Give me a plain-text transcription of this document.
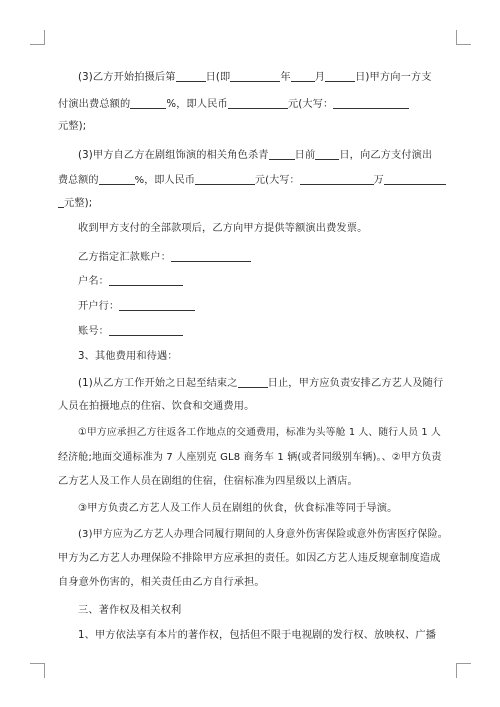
(3)乙方开始拍摄后第	日(即	年 月	日)甲方向一方支
付演出费总额的	%，即人民币	元(大写：
元整);
(3)甲方自乙方在剧组饰演的相关角色杀青	日前 日，向乙方支付演出
费总额的	%，即人民币	元(大写：	万
元整);
收到甲方支付的全部款项后，乙方向甲方提供等额演出费发票。
乙方指定汇款账户：
户名：
开户行：
账号：
3、其他费用和待遇：
(1)从乙方工作开始之日起至结束之	日止，甲方应负责安排乙方艺人及随行
人员在拍摄地点的住宿、饮食和交通费用。
①甲方应承担乙方往返各工作地点的交通费用，标准为头等舱 1 人、随行人员 1 人
经济舱;地面交通标准为 7 人座别克 GL8 商务车 1 辆(或者同级别车辆)。、②甲方负责
乙方艺人及工作人员在剧组的住宿，住宿标准为四星级以上酒店。
③甲方负责乙方艺人及工作人员在剧组的伙食，伙食标准等同于导演。
(3)甲方应为乙方艺人办理合同履行期间的人身意外伤害保险或意外伤害医疗保险。
甲方为乙方艺人办理保险不排除甲方应承担的责任。如因乙方艺人违反规章制度造成
自身意外伤害的，相关责任由乙方自行承担。
三、著作权及相关权利
1、甲方依法享有本片的著作权，包括但不限于电视剧的发行权、放映权、广播
